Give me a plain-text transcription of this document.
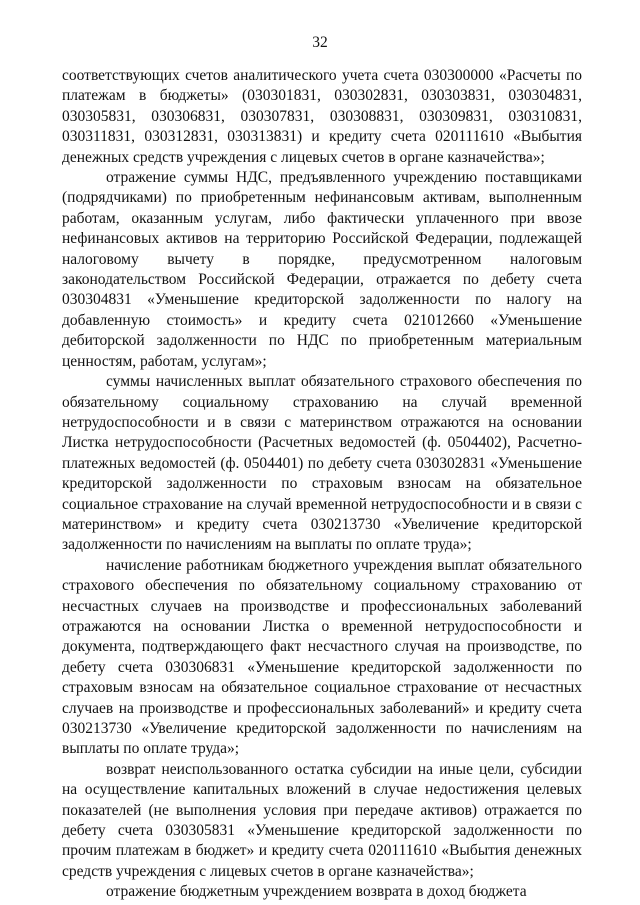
32

соответствующих счетов аналитического учета счета 030300000 «Расчеты по платежам в бюджеты» (030301831, 030302831, 030303831, 030304831, 030305831, 030306831, 030307831, 030308831, 030309831, 030310831, 030311831, 030312831, 030313831) и кредиту счета 020111610 «Выбытия денежных средств учреждения с лицевых счетов в органе казначейства»;

отражение суммы НДС, предъявленного учреждению поставщиками (подрядчиками) по приобретенным нефинансовым активам, выполненным работам, оказанным услугам, либо фактически уплаченного при ввозе нефинансовых активов на территорию Российской Федерации, подлежащей налоговому вычету в порядке, предусмотренном налоговым законодательством Российской Федерации, отражается по дебету счета 030304831 «Уменьшение кредиторской задолженности по налогу на добавленную стоимость» и кредиту счета 021012660 «Уменьшение дебиторской задолженности по НДС по приобретенным материальным ценностям, работам, услугам»;

суммы начисленных выплат обязательного страхового обеспечения по обязательному социальному страхованию на случай временной нетрудоспособности и в связи с материнством отражаются на основании Листка нетрудоспособности (Расчетных ведомостей (ф. 0504402), Расчетно-платежных ведомостей (ф. 0504401) по дебету счета 030302831 «Уменьшение кредиторской задолженности по страховым взносам на обязательное социальное страхование на случай временной нетрудоспособности и в связи с материнством» и кредиту счета 030213730 «Увеличение кредиторской задолженности по начислениям на выплаты по оплате труда»;

начисление работникам бюджетного учреждения выплат обязательного страхового обеспечения по обязательному социальному страхованию от несчастных случаев на производстве и профессиональных заболеваний отражаются на основании Листка о временной нетрудоспособности и документа, подтверждающего факт несчастного случая на производстве, по дебету счета 030306831 «Уменьшение кредиторской задолженности по страховым взносам на обязательное социальное страхование от несчастных случаев на производстве и профессиональных заболеваний» и кредиту счета 030213730 «Увеличение кредиторской задолженности по начислениям на выплаты по оплате труда»;

возврат неиспользованного остатка субсидии на иные цели, субсидии на осуществление капитальных вложений в случае недостижения целевых показателей (не выполнения условия при передаче активов) отражается по дебету счета 030305831 «Уменьшение кредиторской задолженности по прочим платежам в бюджет» и кредиту счета 020111610 «Выбытия денежных средств учреждения с лицевых счетов в органе казначейства»;

отражение бюджетным учреждением возврата в доход бюджета
